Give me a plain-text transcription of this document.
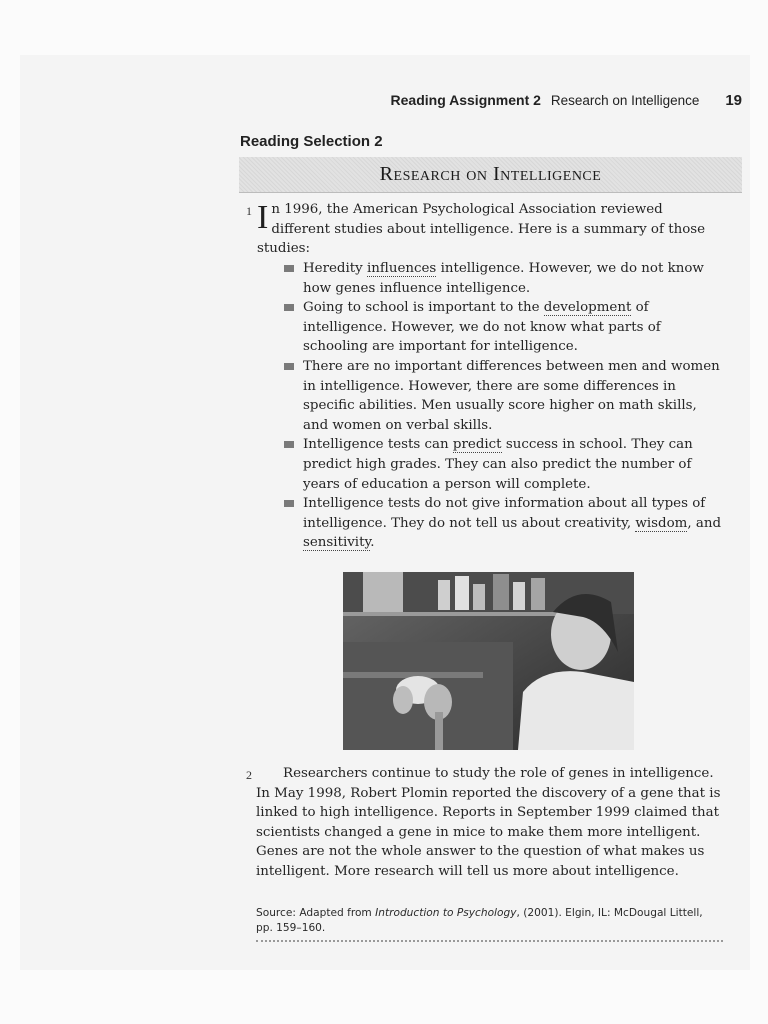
Reading Assignment 2 Research on Intelligence 19
Reading Selection 2
Research on Intelligence
1 In 1996, the American Psychological Association reviewed different studies about intelligence. Here is a summary of those studies:
Heredity influences intelligence. However, we do not know how genes influence intelligence.
Going to school is important to the development of intelligence. However, we do not know what parts of schooling are important for intelligence.
There are no important differences between men and women in intelligence. However, there are some differences in specific abilities. Men usually score higher on math skills, and women on verbal skills.
Intelligence tests can predict success in school. They can predict high grades. They can also predict the number of years of education a person will complete.
Intelligence tests do not give information about all types of intelligence. They do not tell us about creativity, wisdom, and sensitivity.
2	Researchers continue to study the role of genes in intelligence. In May 1998, Robert Plomin reported the discovery of a gene that is linked to high intelligence. Reports in September 1999 claimed that scientists changed a gene in mice to make them more intelligent. Genes are not the whole answer to the question of what makes us intelligent. More research will tell us more about intelligence.
Source: Adapted from Introduction to Psychology, (2001). Elgin, IL: McDougal Littell, pp. 159–160.
